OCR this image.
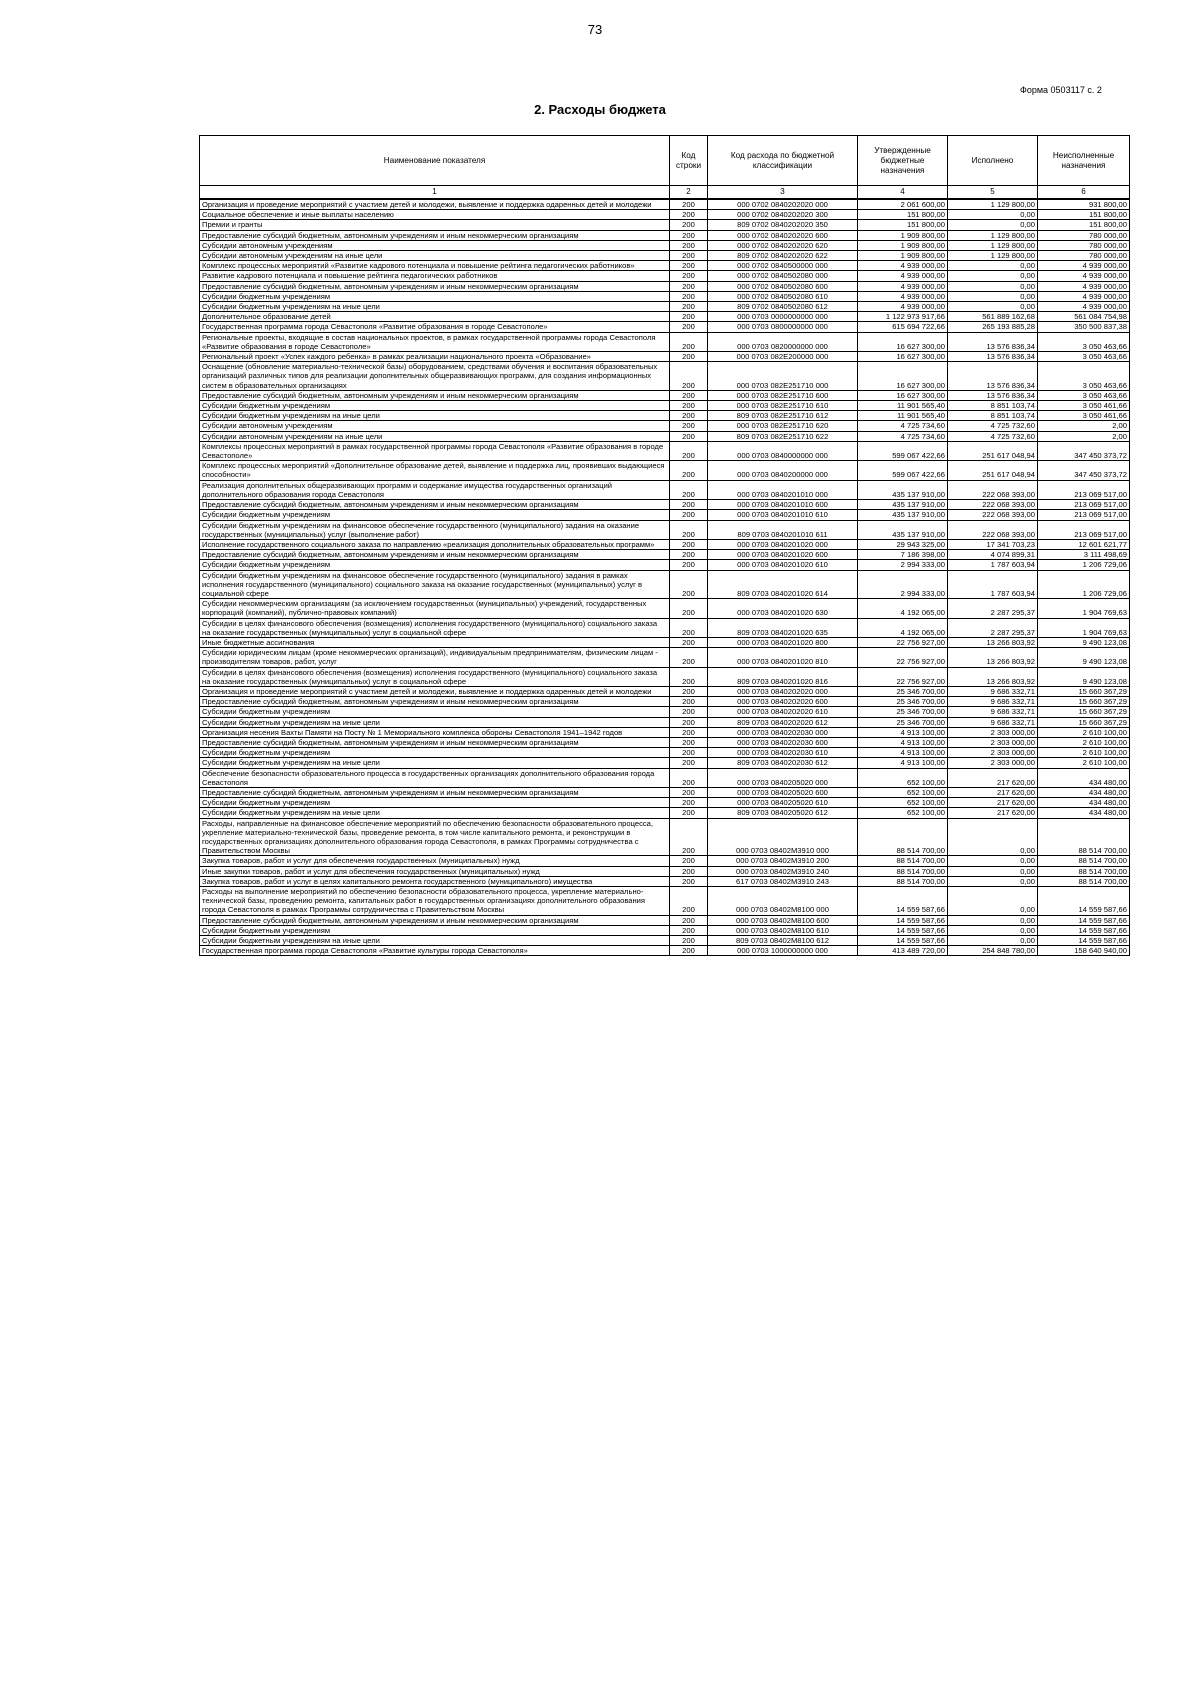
73
Форма 0503117 с. 2
2. Расходы бюджета
Наименование показателя	Код строки	Код расхода по бюджетной классификации	Утвержденные бюджетные назначения	Исполнено	Неисполненные назначения
1	2	3	4	5	6
Организация и проведение мероприятий с участием детей и молодежи, выявление и поддержка одаренных детей и молодежи	200	000 0702 0840202020 000	2 061 600,00	1 129 800,00	931 800,00
Социальное обеспечение и иные выплаты населению	200	000 0702 0840202020 300	151 800,00	0,00	151 800,00
Премии и гранты	200	809 0702 0840202020 350	151 800,00	0,00	151 800,00
Предоставление субсидий бюджетным, автономным учреждениям и иным некоммерческим организациям	200	000 0702 0840202020 600	1 909 800,00	1 129 800,00	780 000,00
Субсидии автономным учреждениям	200	000 0702 0840202020 620	1 909 800,00	1 129 800,00	780 000,00
Субсидии автономным учреждениям на иные цели	200	809 0702 0840202020 622	1 909 800,00	1 129 800,00	780 000,00
Комплекс процессных мероприятий «Развитие кадрового потенциала и повышение рейтинга педагогических работников»	200	000 0702 0840500000 000	4 939 000,00	0,00	4 939 000,00
Развитие кадрового потенциала и повышение рейтинга педагогических работников	200	000 0702 0840502080 000	4 939 000,00	0,00	4 939 000,00
Предоставление субсидий бюджетным, автономным учреждениям и иным некоммерческим организациям	200	000 0702 0840502080 600	4 939 000,00	0,00	4 939 000,00
Субсидии бюджетным учреждениям	200	000 0702 0840502080 610	4 939 000,00	0,00	4 939 000,00
Субсидии бюджетным учреждениям на иные цели	200	809 0702 0840502080 612	4 939 000,00	0,00	4 939 000,00
Дополнительное образование детей	200	000 0703 0000000000 000	1 122 973 917,66	561 889 162,68	561 084 754,98
Государственная программа города Севастополя «Развитие образования в городе Севастополе»	200	000 0703 0800000000 000	615 694 722,66	265 193 885,28	350 500 837,38
Региональные проекты, входящие в состав национальных проектов, в рамках государственной программы города Севастополя «Развитие образования в городе Севастополе»	200	000 0703 0820000000 000	16 627 300,00	13 576 836,34	3 050 463,66
Региональный проект «Успех каждого ребенка» в рамках реализации национального проекта «Образование»	200	000 0703 082E200000 000	16 627 300,00	13 576 836,34	3 050 463,66
Оснащение (обновление материально-технической базы) оборудованием, средствами обучения и воспитания образовательных организаций различных типов для реализации дополнительных общеразвивающих программ, для создания информационных систем в образовательных организациях	200	000 0703 082E251710 000	16 627 300,00	13 576 836,34	3 050 463,66
Предоставление субсидий бюджетным, автономным учреждениям и иным некоммерческим организациям	200	000 0703 082E251710 600	16 627 300,00	13 576 836,34	3 050 463,66
Субсидии бюджетным учреждениям	200	000 0703 082E251710 610	11 901 565,40	8 851 103,74	3 050 461,66
Субсидии бюджетным учреждениям на иные цели	200	809 0703 082E251710 612	11 901 565,40	8 851 103,74	3 050 461,66
Субсидии автономным учреждениям	200	000 0703 082E251710 620	4 725 734,60	4 725 732,60	2,00
Субсидии автономным учреждениям на иные цели	200	809 0703 082E251710 622	4 725 734,60	4 725 732,60	2,00
Комплексы процессных мероприятий в рамках государственной программы города Севастополя «Развитие образования в городе Севастополе»	200	000 0703 0840000000 000	599 067 422,66	251 617 048,94	347 450 373,72
Комплекс процессных мероприятий «Дополнительное образование детей, выявление и поддержка лиц, проявивших выдающиеся способности»	200	000 0703 0840200000 000	599 067 422,66	251 617 048,94	347 450 373,72
Реализация дополнительных общеразвивающих программ и содержание имущества государственных организаций дополнительного образования города Севастополя	200	000 0703 0840201010 000	435 137 910,00	222 068 393,00	213 069 517,00
Предоставление субсидий бюджетным, автономным учреждениям и иным некоммерческим организациям	200	000 0703 0840201010 600	435 137 910,00	222 068 393,00	213 069 517,00
Субсидии бюджетным учреждениям	200	000 0703 0840201010 610	435 137 910,00	222 068 393,00	213 069 517,00
Субсидии бюджетным учреждениям на финансовое обеспечение государственного (муниципального) задания на оказание государственных (муниципальных) услуг (выполнение работ)	200	809 0703 0840201010 611	435 137 910,00	222 068 393,00	213 069 517,00
Исполнение государственного социального заказа по направлению «реализация дополнительных образовательных программ»	200	000 0703 0840201020 000	29 943 325,00	17 341 703,23	12 601 621,77
Предоставление субсидий бюджетным, автономным учреждениям и иным некоммерческим организациям	200	000 0703 0840201020 600	7 186 398,00	4 074 899,31	3 111 498,69
Субсидии бюджетным учреждениям	200	000 0703 0840201020 610	2 994 333,00	1 787 603,94	1 206 729,06
Субсидии бюджетным учреждениям на финансовое обеспечение государственного (муниципального) задания в рамках исполнения государственного (муниципального) социального заказа на оказание государственных (муниципальных) услуг в социальной сфере	200	809 0703 0840201020 614	2 994 333,00	1 787 603,94	1 206 729,06
Субсидии некоммерческим организациям (за исключением государственных (муниципальных) учреждений, государственных корпораций (компаний), публично-правовых компаний)	200	000 0703 0840201020 630	4 192 065,00	2 287 295,37	1 904 769,63
Субсидии в целях финансового обеспечения (возмещения) исполнения государственного (муниципального) социального заказа на оказание государственных (муниципальных) услуг в социальной сфере	200	809 0703 0840201020 635	4 192 065,00	2 287 295,37	1 904 769,63
Иные бюджетные ассигнования	200	000 0703 0840201020 800	22 756 927,00	13 266 803,92	9 490 123,08
Субсидии юридическим лицам (кроме некоммерческих организаций), индивидуальным предпринимателям, физическим лицам - производителям товаров, работ, услуг	200	000 0703 0840201020 810	22 756 927,00	13 266 803,92	9 490 123,08
Субсидии в целях финансового обеспечения (возмещения) исполнения государственного (муниципального) социального заказа на оказание государственных (муниципальных) услуг в социальной сфере	200	809 0703 0840201020 816	22 756 927,00	13 266 803,92	9 490 123,08
Организация и проведение мероприятий с участием детей и молодежи, выявление и поддержка одаренных детей и молодежи	200	000 0703 0840202020 000	25 346 700,00	9 686 332,71	15 660 367,29
Предоставление субсидий бюджетным, автономным учреждениям и иным некоммерческим организациям	200	000 0703 0840202020 600	25 346 700,00	9 686 332,71	15 660 367,29
Субсидии бюджетным учреждениям	200	000 0703 0840202020 610	25 346 700,00	9 686 332,71	15 660 367,29
Субсидии бюджетным учреждениям на иные цели	200	809 0703 0840202020 612	25 346 700,00	9 686 332,71	15 660 367,29
Организация несения Вахты Памяти на Посту № 1 Мемориального комплекса обороны Севастополя 1941–1942 годов	200	000 0703 0840202030 000	4 913 100,00	2 303 000,00	2 610 100,00
Предоставление субсидий бюджетным, автономным учреждениям и иным некоммерческим организациям	200	000 0703 0840202030 600	4 913 100,00	2 303 000,00	2 610 100,00
Субсидии бюджетным учреждениям	200	000 0703 0840202030 610	4 913 100,00	2 303 000,00	2 610 100,00
Субсидии бюджетным учреждениям на иные цели	200	809 0703 0840202030 612	4 913 100,00	2 303 000,00	2 610 100,00
Обеспечение безопасности образовательного процесса в государственных организациях дополнительного образования города Севастополя	200	000 0703 0840205020 000	652 100,00	217 620,00	434 480,00
Предоставление субсидий бюджетным, автономным учреждениям и иным некоммерческим организациям	200	000 0703 0840205020 600	652 100,00	217 620,00	434 480,00
Субсидии бюджетным учреждениям	200	000 0703 0840205020 610	652 100,00	217 620,00	434 480,00
Субсидии бюджетным учреждениям на иные цели	200	809 0703 0840205020 612	652 100,00	217 620,00	434 480,00
Расходы, направленные на финансовое обеспечение мероприятий по обеспечению безопасности образовательного процесса, укрепление материально-технической базы, проведение ремонта, в том числе капитального ремонта, и реконструкции в государственных организациях дополнительного образования города Севастополя, в рамках Программы сотрудничества с Правительством Москвы	200	000 0703 08402M3910 000	88 514 700,00	0,00	88 514 700,00
Закупка товаров, работ и услуг для обеспечения государственных (муниципальных) нужд	200	000 0703 08402M3910 200	88 514 700,00	0,00	88 514 700,00
Иные закупки товаров, работ и услуг для обеспечения государственных (муниципальных) нужд	200	000 0703 08402M3910 240	88 514 700,00	0,00	88 514 700,00
Закупка товаров, работ и услуг в целях капитального ремонта государственного (муниципального) имущества	200	617 0703 08402M3910 243	88 514 700,00	0,00	88 514 700,00
Расходы на выполнение мероприятий по обеспечению безопасности образовательного процесса, укрепление материально-технической базы, проведению ремонта, капитальных работ в государственных организациях дополнительного образования города Севастополя в рамках Программы сотрудничества с Правительством Москвы	200	000 0703 08402M8100 000	14 559 587,66	0,00	14 559 587,66
Предоставление субсидий бюджетным, автономным учреждениям и иным некоммерческим организациям	200	000 0703 08402M8100 600	14 559 587,66	0,00	14 559 587,66
Субсидии бюджетным учреждениям	200	000 0703 08402M8100 610	14 559 587,66	0,00	14 559 587,66
Субсидии бюджетным учреждениям на иные цели	200	809 0703 08402M8100 612	14 559 587,66	0,00	14 559 587,66
Государственная программа города Севастополя «Развитие культуры города Севастополя»	200	000 0703 1000000000 000	413 489 720,00	254 848 780,00	158 640 940,00
